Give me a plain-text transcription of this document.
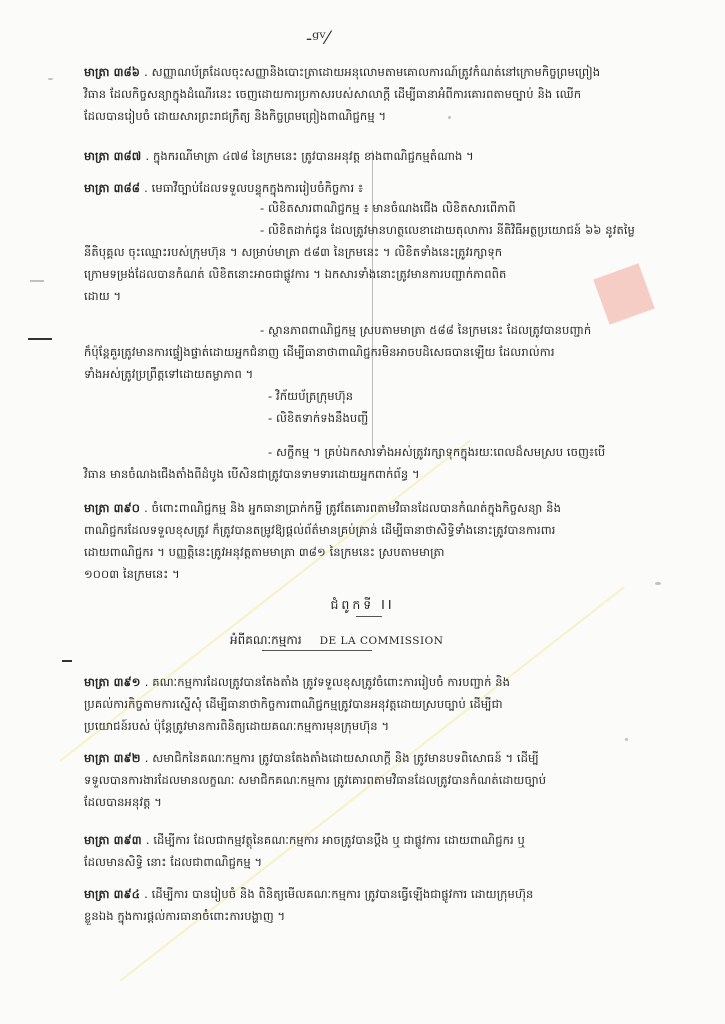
-ᵍᵛ⁄
មាត្រា ៣៨៦ . សញ្ញាណប័ត្រដែលចុះសញ្ញានិងបោះត្រាដោយអនុលោមតាមគោលការណ៍ត្រូវកំណត់នៅក្រោមកិច្ចព្រមព្រៀង
វិធាន ដែលកិច្ចសន្យាក្នុងដំណើរនេះ ចេញដោយការប្រកាសរបស់សាលាក្តី ដើម្បីធានាអំពីការគោរពតាមច្បាប់ និង ឈើក
ដែលបានរៀបចំ ដោយសារព្រះរាជក្រឹត្យ និងកិច្ចព្រមព្រៀងពាណិជ្ជកម្ម ។
មាត្រា ៣៨៧ . ក្នុងករណីមាត្រា ៤៧៨ នៃក្រមនេះ ត្រូវបានអនុវត្ត ខាងពាណិជ្ជកម្មតំណាង ។
មាត្រា ៣៨៨ . មេធាវីច្បាប់ដែលទទួលបន្ទុកក្នុងការរៀបចំកិច្ចការ ៖
- លិខិតសារ​ពាណិជ្ជកម្ម ៖ មានចំណងជើង លិខិតសារពើភាពី
- លិខិតដាក់ជូន ដែលត្រូវមានហត្ថលេខាដោយតុលាការ នីតិវិធីអត្ថប្រយោជន៍ ៦៦ នូវតម្លៃ
នីតិបុគ្គល ចុះឈ្មោះរបស់ក្រុមហ៊ុន ។ សម្រាប់មាត្រា ៥៨៣ នៃក្រមនេះ ។ លិខិតទាំងនេះត្រូវរក្សាទុក
ក្រោមទម្រង់ដែលបានកំណត់ លិខិតនោះអាចជាផ្លូវការ ។ ឯកសារទាំងនោះត្រូវមានការបញ្ជាក់ភាពពិត
ដោយ ។
- ស្ថានភាពពាណិជ្ជកម្ម ស្របតាមមាត្រា ៥៨៨ នៃក្រមនេះ ដែលត្រូវបានបញ្ជាក់
ក៏ប៉ុន្តែគួរត្រូវមានការផ្ទៀងផ្ទាត់ដោយអ្នកជំនាញ ដើម្បីធានាថាពាណិជ្ជករមិនអាចបដិសេធបានឡើយ ដែលរាល់ការ
ទាំងអស់ត្រូវប្រព្រឹត្តទៅដោយតម្លាភាព ។
- វិក័យប័ត្រក្រុមហ៊ុន
- លិខិតទាក់ទងនឹងបញ្ជី
- សក្ខីកម្ម ។ គ្រប់ឯកសារទាំងអស់ត្រូវរក្សាទុកក្នុងរយៈពេលដ៏សមស្រប ចេញ៖បើ
វិធាន មានចំណងជើងតាំងពីដំបូង បើសិនជាត្រូវបានទាមទារដោយអ្នកពាក់ព័ន្ធ ។
មាត្រា ៣៩០ . ចំពោះពាណិជ្ជកម្ម និង អ្នកធានាប្រាក់កម្ចី ត្រូវតែគោរពតាមវិធានដែលបានកំណត់ក្នុងកិច្ចសន្យា និង
ពាណិជ្ជករដែលទទួលខុសត្រូវ ក៏ត្រូវបានតម្រូវឱ្យផ្តល់ព័ត៌មានគ្រប់គ្រាន់ ដើម្បីធានាថាសិទ្ធិទាំងនោះត្រូវបានការពារ
ដោយពាណិជ្ជករ ។ បញ្ញត្តិនេះត្រូវអនុវត្តតាមមាត្រា ៣៨១ នៃក្រមនេះ ស្របតាមមាត្រា
១០០៣ នៃក្រមនេះ ។
ជំពូកទី II
អំពីគណៈកម្មការ DE LA COMMISSION
មាត្រា ៣៩១ . គណៈកម្មការដែលត្រូវបានតែងតាំង ត្រូវទទួលខុសត្រូវចំពោះការរៀបចំ ការបញ្ជាក់ និង
ប្រគល់ការកិច្ចតាមការស្នើសុំ ដើម្បីធានាថាកិច្ចការពាណិជ្ជកម្មត្រូវបានអនុវត្តដោយស្របច្បាប់ ដើម្បីជា
ប្រយោជន៍របស់ ប៉ុន្តែត្រូវមានការពិនិត្យដោយគណៈកម្មការមុនក្រុមហ៊ុន ។
មាត្រា ៣៩២ . សមាជិកនៃគណៈកម្មការ ត្រូវបានតែងតាំងដោយសាលាក្តី និង ត្រូវមានបទពិសោធន៍ ។ ដើម្បី
ទទួលបានការងារដែលមានលក្ខណៈ សមាជិកគណៈកម្មការ ត្រូវគោរពតាមវិធានដែលត្រូវបានកំណត់ដោយច្បាប់
ដែលបានអនុវត្ត ។
មាត្រា ៣៩៣ . ដើម្បីការ ដែលជាកម្មវត្ថុនៃគណៈកម្មការ អាចត្រូវបានប្តឹង ឬ ជាផ្លូវការ ដោយពាណិជ្ជករ ឬ
ដែលមានសិទ្ធិ នោះ ដែលជាពាណិជ្ជកម្ម ។
មាត្រា ៣៩៤ . ដើម្បីការ បានរៀបចំ និង ពិនិត្យមើលគណៈកម្មការ ត្រូវបានធ្វើឡើងជាផ្លូវការ ដោយក្រុមហ៊ុន
ខ្លួនឯង ក្នុងការផ្តល់ការធានាចំពោះការបង្ហាញ ។
